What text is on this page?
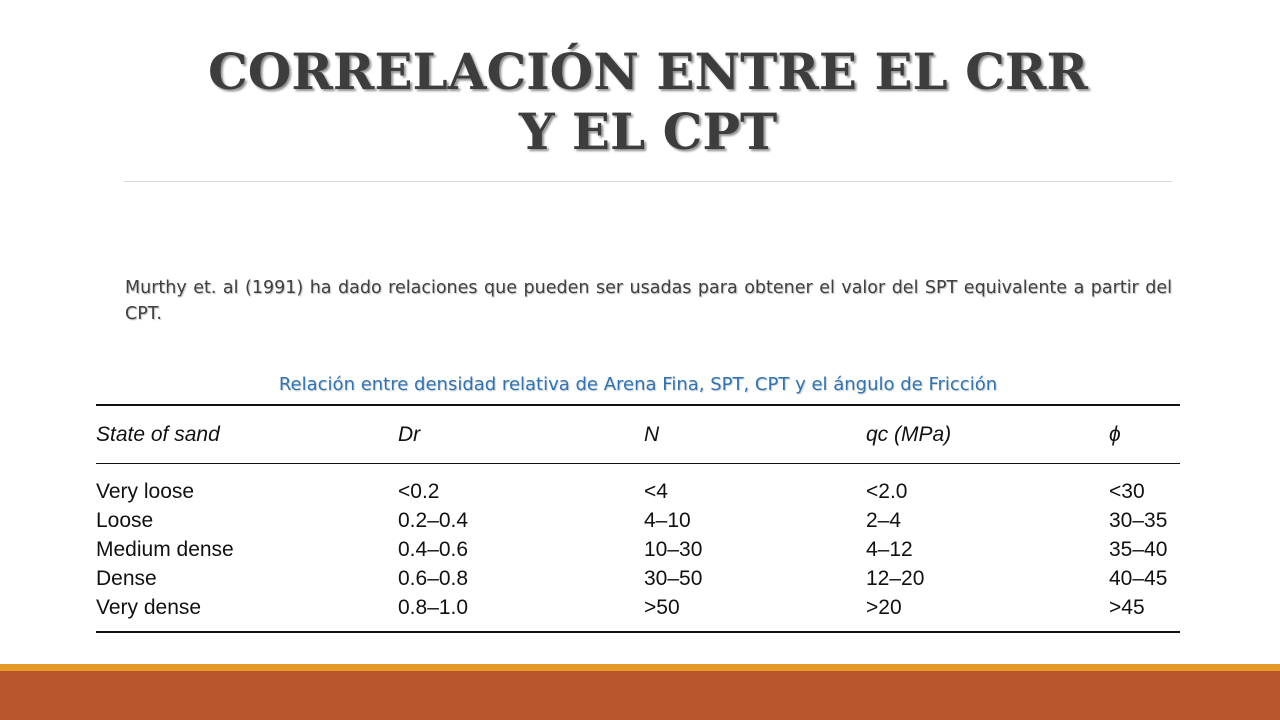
CORRELACIÓN ENTRE EL CRR
Y EL CPT
Murthy et. al (1991) ha dado relaciones que pueden ser usadas para obtener el valor del SPT equivalente a partir del CPT.
Relación entre densidad relativa de Arena Fina, SPT, CPT y el ángulo de Fricción
State of sand	Dr	N	qc (MPa)	ϕ
Very loose	<0.2	<4	<2.0	<30
Loose	0.2–0.4	4–10	2–4	30–35
Medium dense	0.4–0.6	10–30	4–12	35–40
Dense	0.6–0.8	30–50	12–20	40–45
Very dense	0.8–1.0	>50	>20	>45
